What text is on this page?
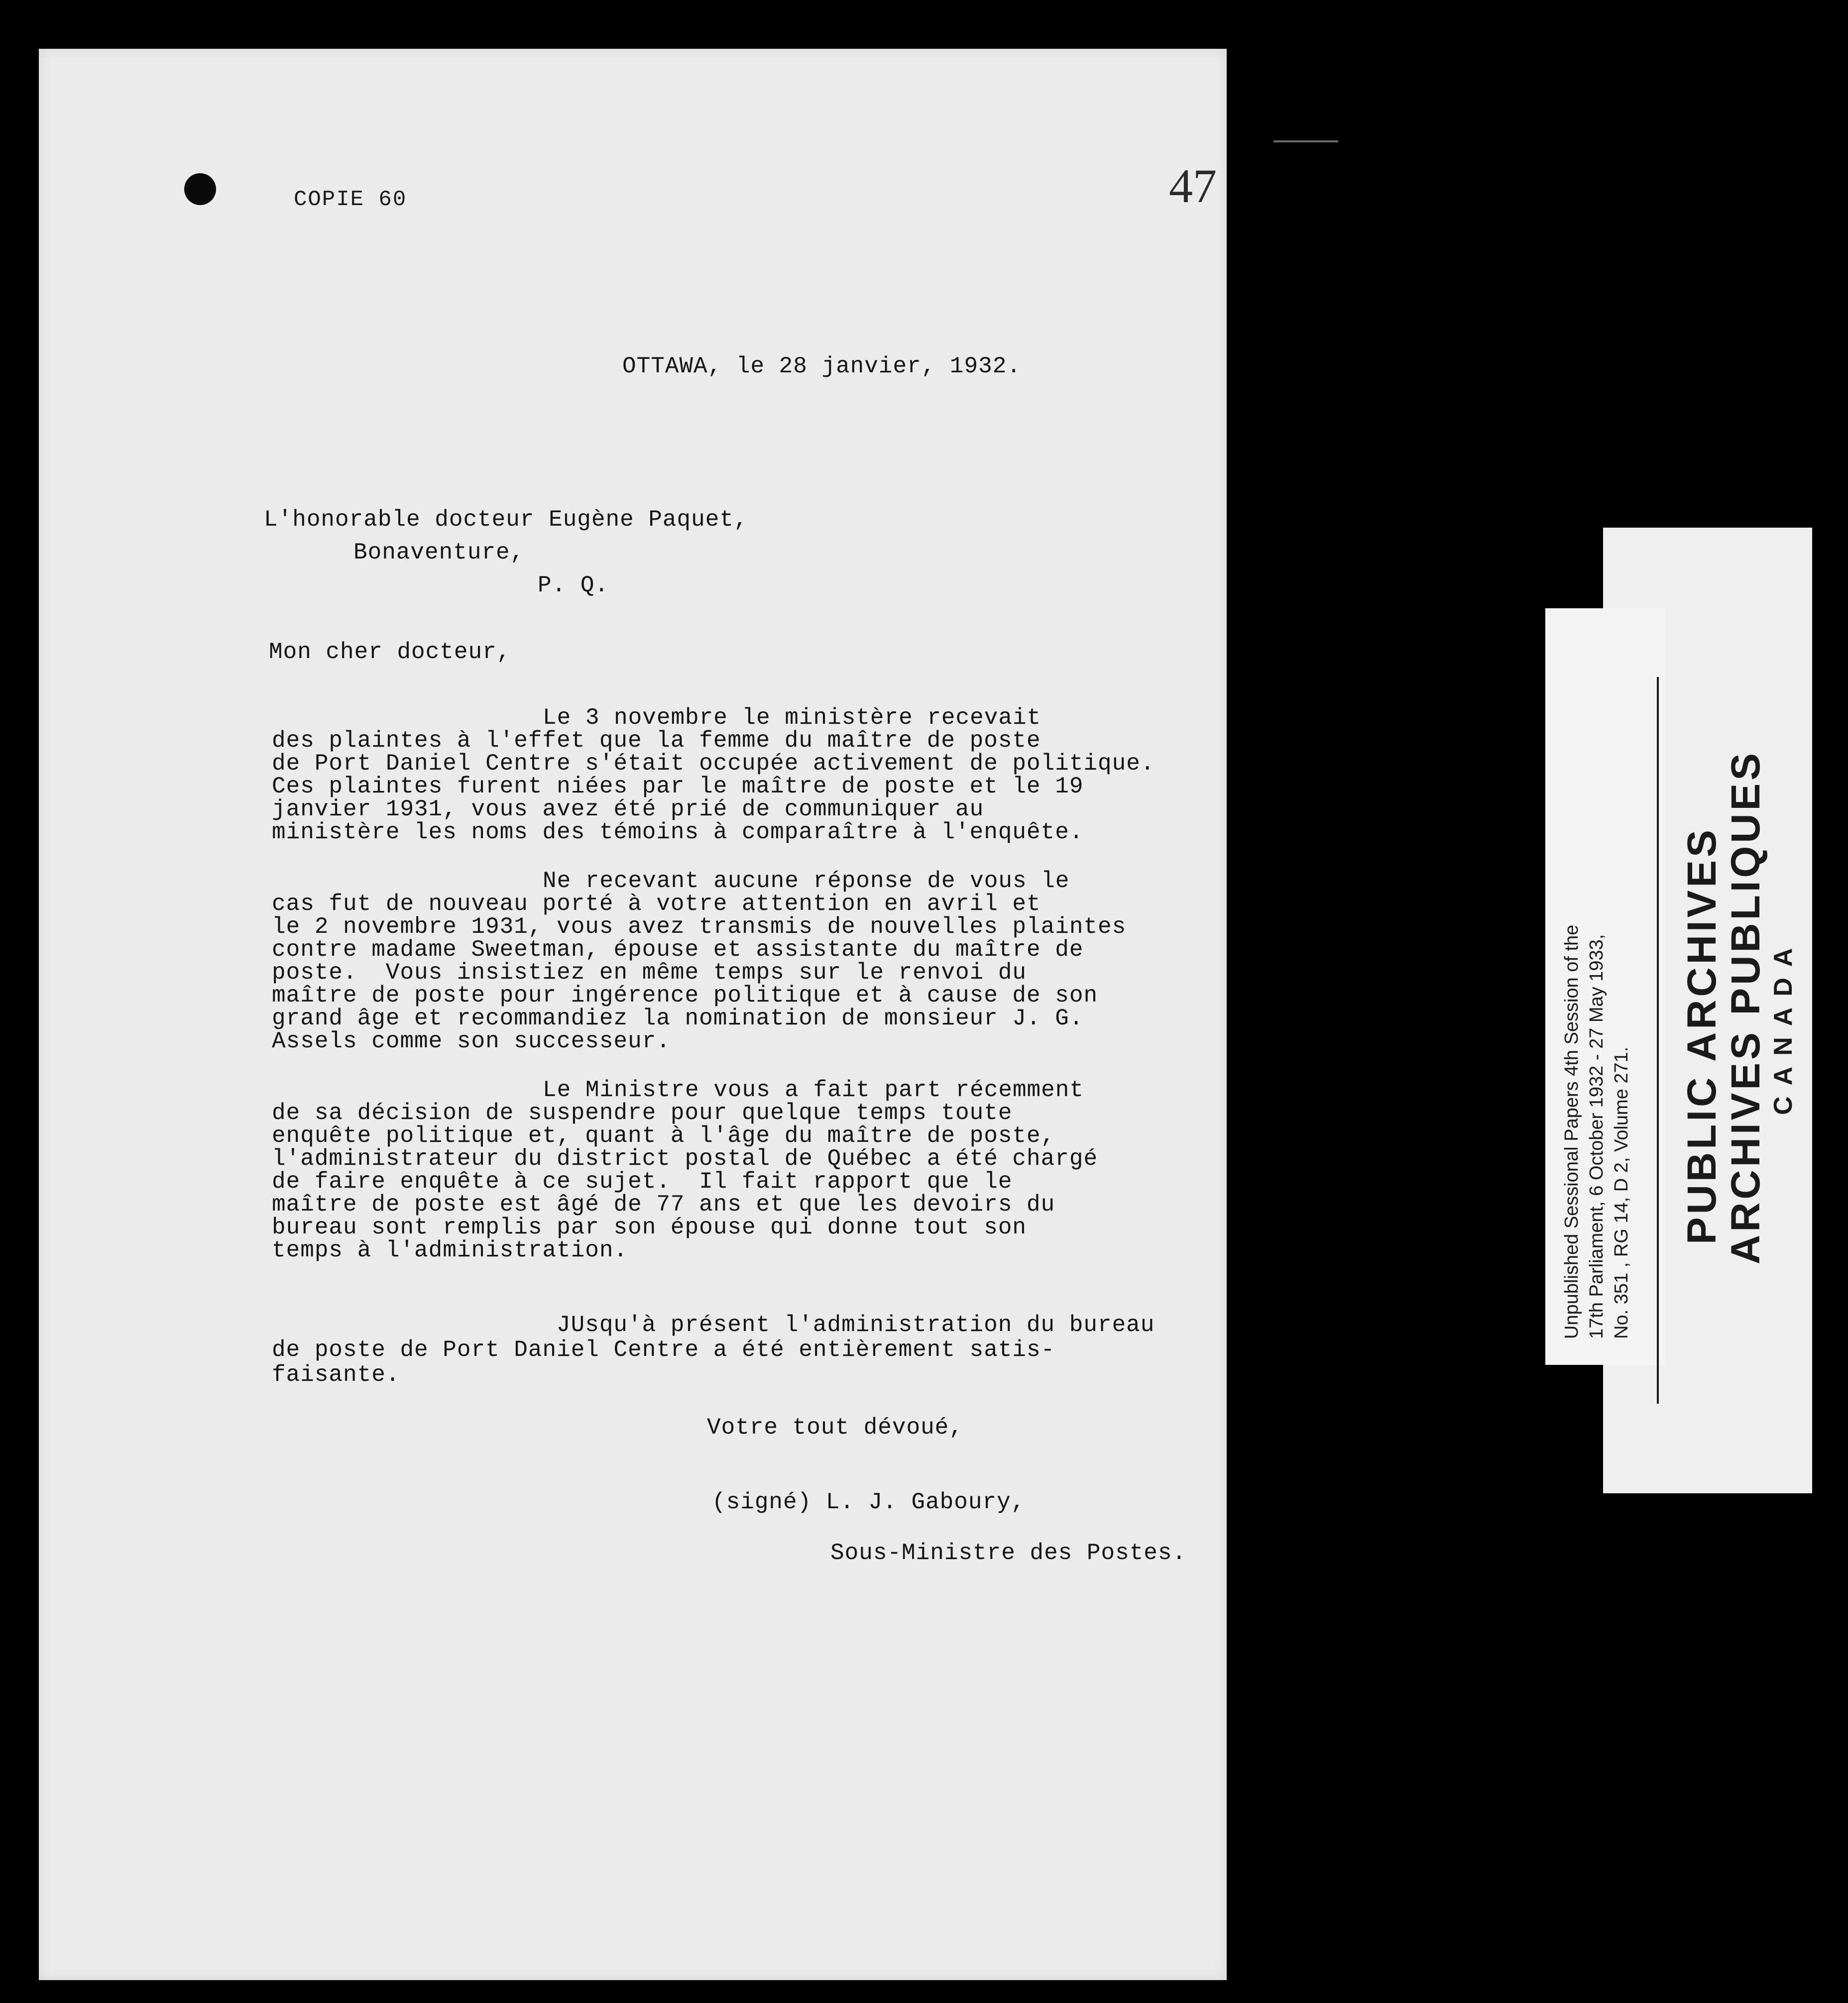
COPIE 60	47
OTTAWA, le 28 janvier, 1932.
L'honorable docteur Eugène Paquet,
Bonaventure,
P. Q.
Mon cher docteur,
Le 3 novembre le ministère recevait
des plaintes à l'effet que la femme du maître de poste
de Port Daniel Centre s'était occupée activement de politique.
Ces plaintes furent niées par le maître de poste et le 19
janvier 1931, vous avez été prié de communiquer au
ministère les noms des témoins à comparaître à l'enquête.
Ne recevant aucune réponse de vous le
cas fut de nouveau porté à votre attention en avril et
le 2 novembre 1931, vous avez transmis de nouvelles plaintes
contre madame Sweetman, épouse et assistante du maître de
poste.  Vous insistiez en même temps sur le renvoi du
maître de poste pour ingérence politique et à cause de son
grand âge et recommandiez la nomination de monsieur J. G.
Assels comme son successeur.
Le Ministre vous a fait part récemment
de sa décision de suspendre pour quelque temps toute
enquête politique et, quant à l'âge du maître de poste,
l'administrateur du district postal de Québec a été chargé
de faire enquête à ce sujet.  Il fait rapport que le
maître de poste est âgé de 77 ans et que les devoirs du
bureau sont remplis par son épouse qui donne tout son
temps à l'administration.
JUsqu'à présent l'administration du bureau
de poste de Port Daniel Centre a été entièrement satis-
faisante.
Votre tout dévoué,
(signé) L. J. Gaboury,
Sous-Ministre des Postes.
Unpublished Sessional Papers 4th Session of the 17th Parliament, 6 October 1932 - 27 May 1933, No. 351 , RG 14, D 2, Volume 271. PUBLIC ARCHIVES
ARCHIVES PUBLIQUES CANADA
